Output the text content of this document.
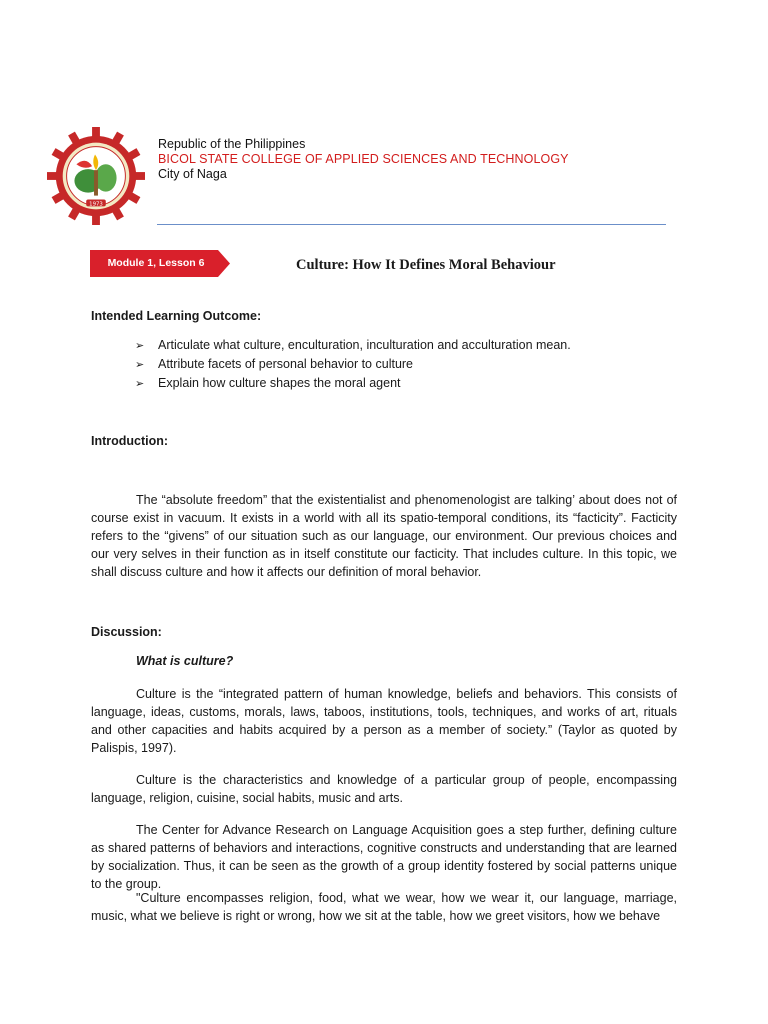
1973
Republic of the Philippines
BICOL STATE COLLEGE OF APPLIED SCIENCES AND TECHNOLOGY
City of Naga
Module 1, Lesson 6	Culture: How It Defines Moral Behaviour
Intended Learning Outcome:
➢ Articulate what culture, enculturation, inculturation and acculturation mean.
➢ Attribute facets of personal behavior to culture
➢ Explain how culture shapes the moral agent
Introduction:
The “absolute freedom” that the existentialist and phenomenologist are talking’ about does not of course exist in vacuum. It exists in a world with all its spatio-temporal conditions, its “facticity”. Facticity refers to the “givens” of our situation such as our language, our environment. Our previous choices and our very selves in their function as in itself constitute our facticity. That includes culture. In this topic, we shall discuss culture and how it affects our definition of moral behavior.
Discussion:
What is culture?
Culture is the “integrated pattern of human knowledge, beliefs and behaviors. This consists of language, ideas, customs, morals, laws, taboos, institutions, tools, techniques, and works of art, rituals and other capacities and habits acquired by a person as a member of society.” (Taylor as quoted by Palispis, 1997).
Culture is the characteristics and knowledge of a particular group of people, encompassing language, religion, cuisine, social habits, music and arts.
The Center for Advance Research on Language Acquisition goes a step further, defining culture as shared patterns of behaviors and interactions, cognitive constructs and understanding that are learned by socialization. Thus, it can be seen as the growth of a group identity fostered by social patterns unique to the group.
"Culture encompasses religion, food, what we wear, how we wear it, our language, marriage, music, what we believe is right or wrong, how we sit at the table, how we greet visitors, how we behave
